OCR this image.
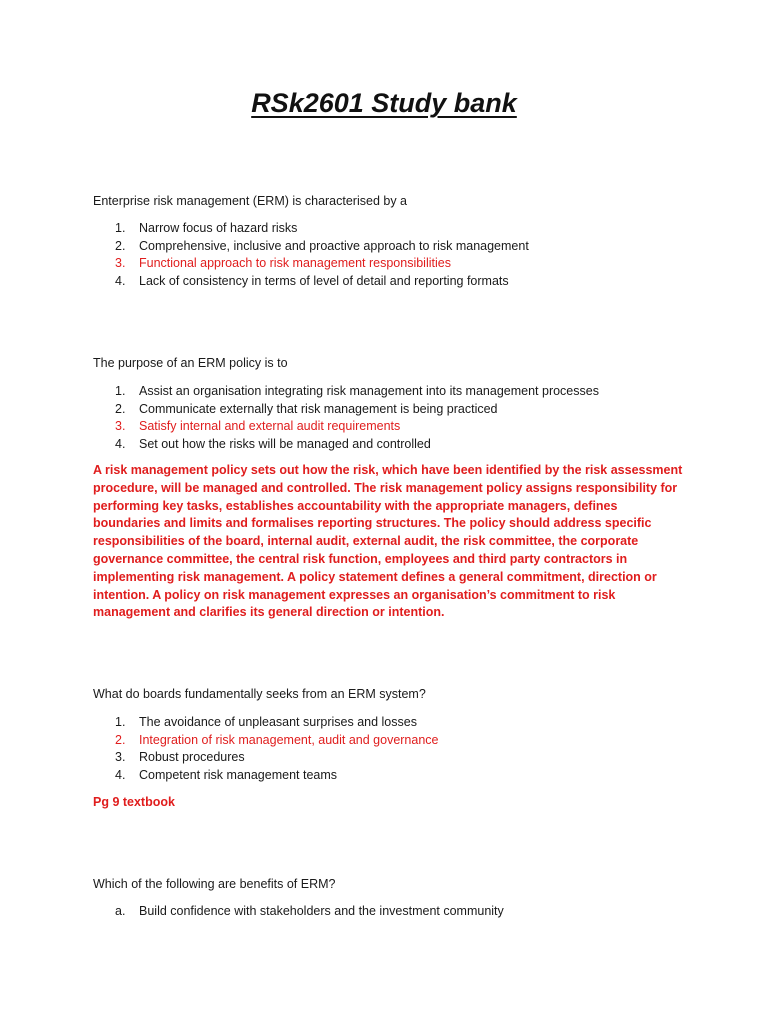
RSk2601 Study bank
Enterprise risk management (ERM) is characterised by a
1.	Narrow focus of hazard risks
2.	Comprehensive, inclusive and proactive approach to risk management
3.	Functional approach to risk management responsibilities
4.	Lack of consistency in terms of level of detail and reporting formats
The purpose of an ERM policy is to
1.	Assist an organisation integrating risk management into its management processes
2.	Communicate externally that risk management is being practiced
3.	Satisfy internal and external audit requirements
4.	Set out how the risks will be managed and controlled
A risk management policy sets out how the risk, which have been identified by the risk assessment procedure, will be managed and controlled. The risk management policy assigns responsibility for performing key tasks, establishes accountability with the appropriate managers, defines boundaries and limits and formalises reporting structures. The policy should address specific responsibilities of the board, internal audit, external audit, the risk committee, the corporate governance committee, the central risk function, employees and third party contractors in implementing risk management. A policy statement defines a general commitment, direction or intention. A policy on risk management expresses an organisation’s commitment to risk management and clarifies its general direction or intention.
What do boards fundamentally seeks from an ERM system?
1.	The avoidance of unpleasant surprises and losses
2.	Integration of risk management, audit and governance
3.	Robust procedures
4.	Competent risk management teams
Pg 9 textbook
Which of the following are benefits of ERM?
a.	Build confidence with stakeholders and the investment community
